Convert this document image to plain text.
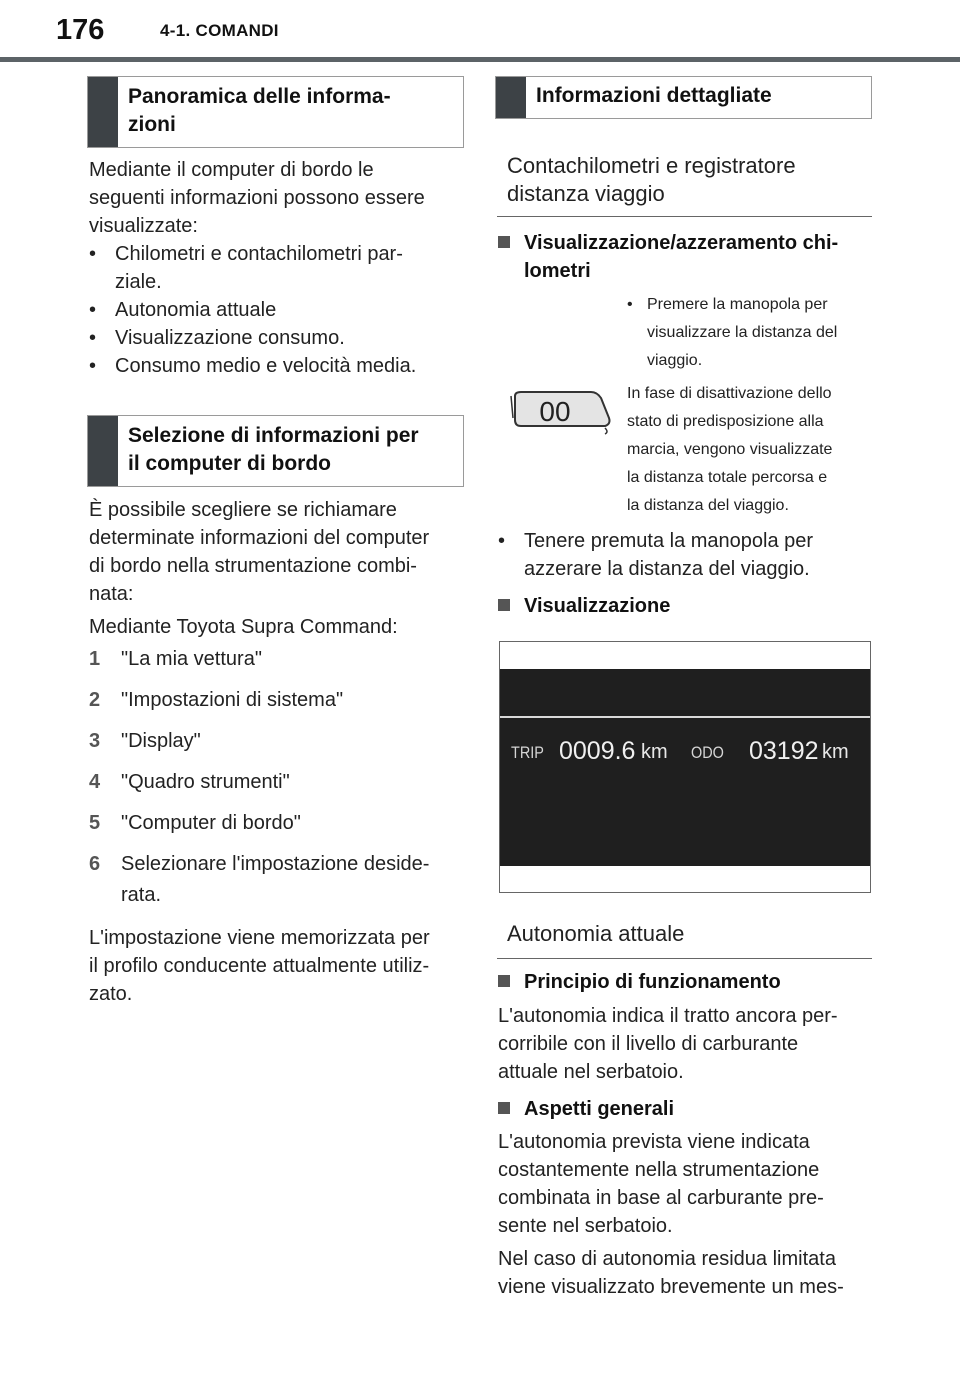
176	4-1. COMANDI
Panoramica delle informa-
zioni
Mediante il computer di bordo le
seguenti informazioni possono essere
visualizzate:
• Chilometri e contachilometri par-
ziale.
• Autonomia attuale
• Visualizzazione consumo.
• Consumo medio e velocità media.
Selezione di informazioni per
il computer di bordo
È possibile scegliere se richiamare
determinate informazioni del computer
di bordo nella strumentazione combi-
nata:
Mediante Toyota Supra Command:
1 "La mia vettura"
2 "Impostazioni di sistema"
3 "Display"
4 "Quadro strumenti"
5 "Computer di bordo"
6 Selezionare l'impostazione deside-
rata.
L'impostazione viene memorizzata per
il profilo conducente attualmente utiliz-
zato.
Informazioni dettagliate
Contachilometri e registratore
distanza viaggio
Visualizzazione/azzeramento chi-
lometri
• Premere la manopola per
visualizzare la distanza del
viaggio.
00
In fase di disattivazione dello
stato di predisposizione alla
marcia, vengono visualizzate
la distanza totale percorsa e
la distanza del viaggio.
• Tenere premuta la manopola per
azzerare la distanza del viaggio.
Visualizzazione
TRIP 0009.6 km ODO 03192 km
Autonomia attuale
Principio di funzionamento
L'autonomia indica il tratto ancora per-
corribile con il livello di carburante
attuale nel serbatoio.
Aspetti generali
L'autonomia prevista viene indicata
costantemente nella strumentazione
combinata in base al carburante pre-
sente nel serbatoio.
Nel caso di autonomia residua limitata
viene visualizzato brevemente un mes-
